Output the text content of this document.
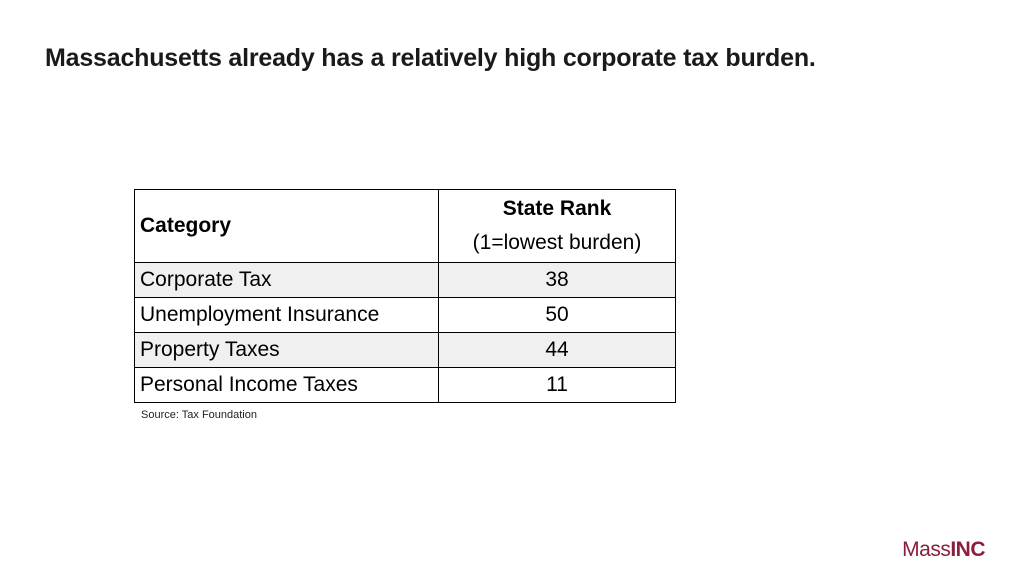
Massachusetts already has a relatively high corporate tax burden.
Category	State Rank
(1=lowest burden)

Corporate Tax	38
Unemployment Insurance	50
Property Taxes	44
Personal Income Taxes	11
Source: Tax Foundation
MassINC
